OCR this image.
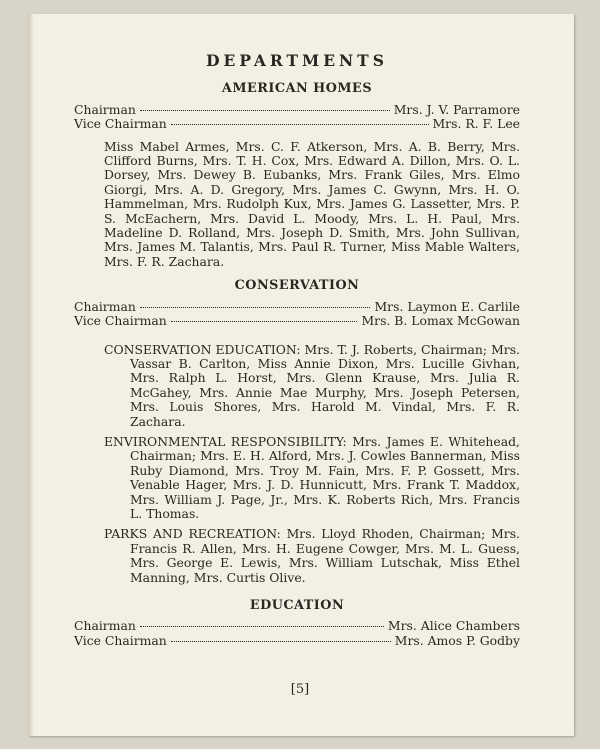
DEPARTMENTS
AMERICAN HOMES
Chairman	Mrs. J. V. Parramore
Vice Chairman	Mrs. R. F. Lee
Miss Mabel Armes, Mrs. C. F. Atkerson, Mrs. A. B. Berry, Mrs. Clifford Burns, Mrs. T. H. Cox, Mrs. Edward A. Dillon, Mrs. O. L. Dorsey, Mrs. Dewey B. Eubanks, Mrs. Frank Giles, Mrs. Elmo Giorgi, Mrs. A. D. Gregory, Mrs. James C. Gwynn, Mrs. H. O. Hammelman, Mrs. Rudolph Kux, Mrs. James G. Lassetter, Mrs. P. S. McEachern, Mrs. David L. Moody, Mrs. L. H. Paul, Mrs. Madeline D. Rolland, Mrs. Joseph D. Smith, Mrs. John Sullivan, Mrs. James M. Talantis, Mrs. Paul R. Turner, Miss Mable Walters, Mrs. F. R. Zachara.
CONSERVATION
Chairman	Mrs. Laymon E. Carlile
Vice Chairman	Mrs. B. Lomax McGowan
CONSERVATION EDUCATION: Mrs. T. J. Roberts, Chairman; Mrs. Vassar B. Carlton, Miss Annie Dixon, Mrs. Lucille Givhan, Mrs. Ralph L. Horst, Mrs. Glenn Krause, Mrs. Julia R. McGahey, Mrs. Annie Mae Murphy, Mrs. Joseph Petersen, Mrs. Louis Shores, Mrs. Harold M. Vindal, Mrs. F. R. Zachara.
ENVIRONMENTAL RESPONSIBILITY: Mrs. James E. Whitehead, Chairman; Mrs. E. H. Alford, Mrs. J. Cowles Bannerman, Miss Ruby Diamond, Mrs. Troy M. Fain, Mrs. F. P. Gossett, Mrs. Venable Hager, Mrs. J. D. Hunnicutt, Mrs. Frank T. Maddox, Mrs. William J. Page, Jr., Mrs. K. Roberts Rich, Mrs. Francis L. Thomas.
PARKS AND RECREATION: Mrs. Lloyd Rhoden, Chairman; Mrs. Francis R. Allen, Mrs. H. Eugene Cowger, Mrs. M. L. Guess, Mrs. George E. Lewis, Mrs. William Lutschak, Miss Ethel Manning, Mrs. Curtis Olive.
EDUCATION
Chairman	Mrs. Alice Chambers
Vice Chairman	Mrs. Amos P. Godby
[5]
